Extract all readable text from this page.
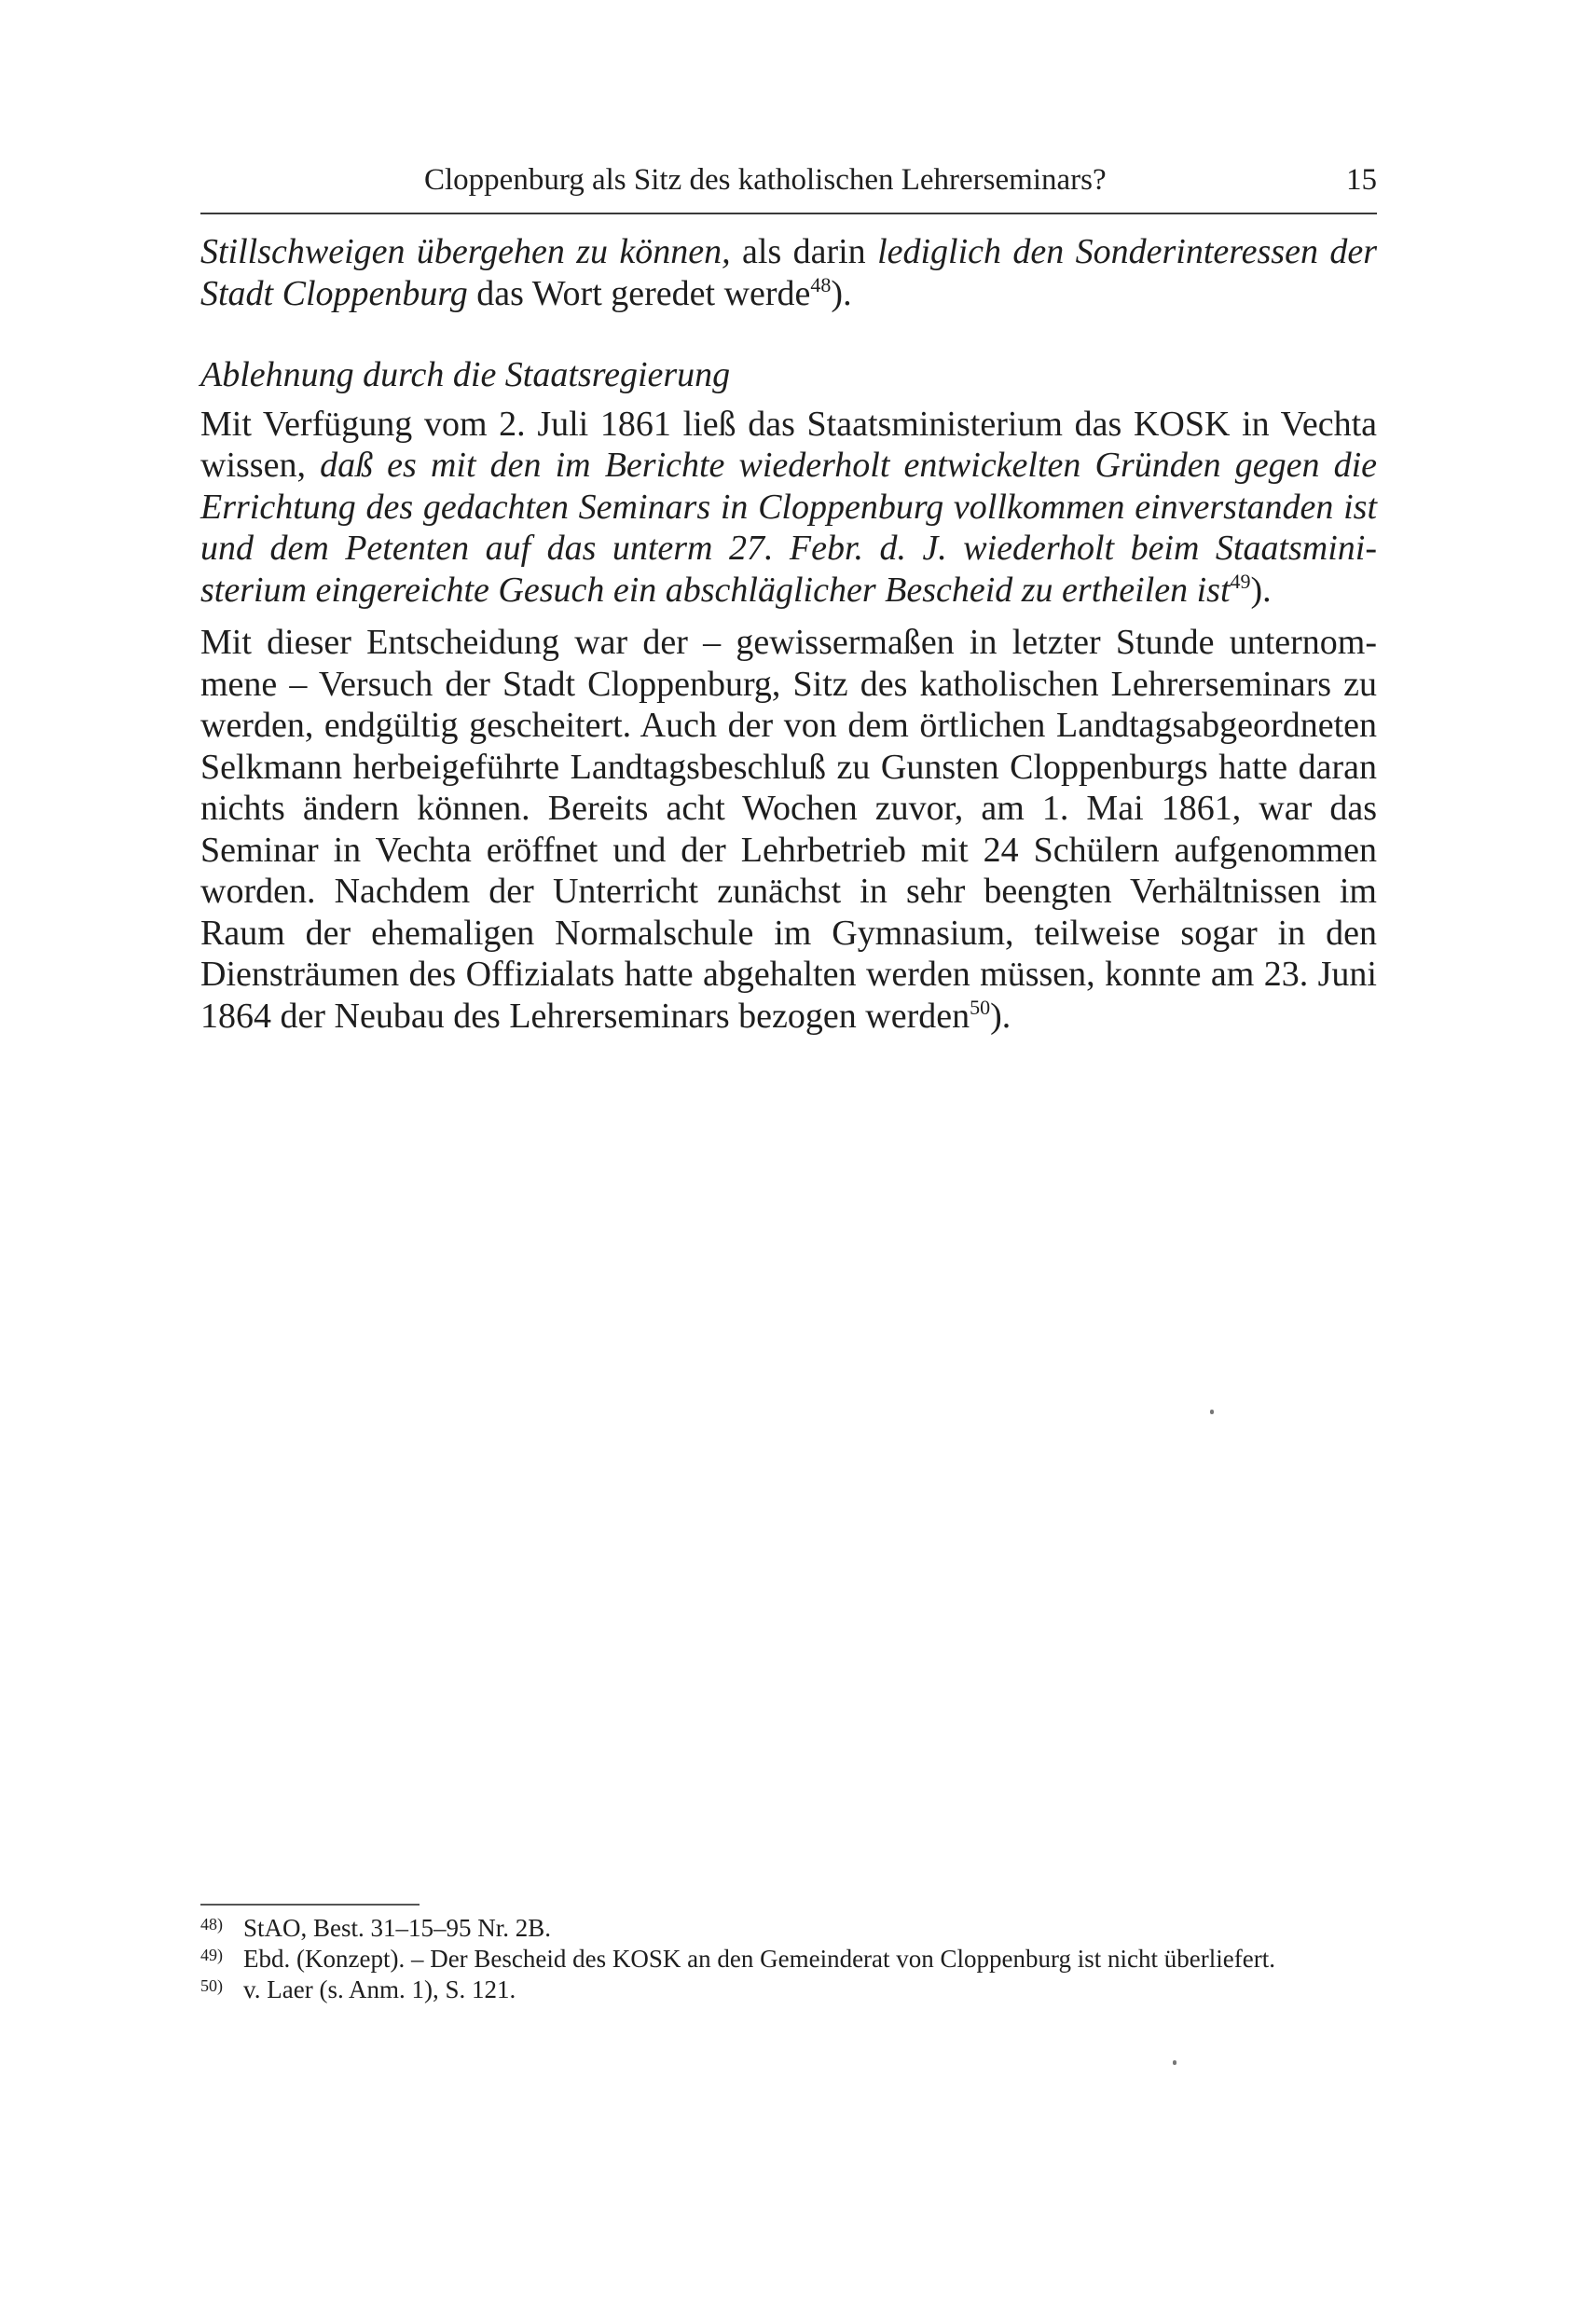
Cloppenburg als Sitz des katholischen Lehrerseminars?	15

Stillschweigen übergehen zu können, als darin lediglich den Sonderinteressen der Stadt Cloppenburg das Wort geredet werde$^{48}$).

Ablehnung durch die Staatsregierung

Mit Verfügung vom 2. Juli 1861 ließ das Staatsministerium das KOSK in Vechta wissen, daß es mit den im Berichte wiederholt entwickelten Gründen gegen die Errichtung des gedachten Seminars in Cloppenburg vollkommen einverstanden ist und dem Petenten auf das unterm 27. Febr. d. J. wiederholt beim Staatsministerium eingereichte Gesuch ein abschläglicher Bescheid zu ertheilen ist$^{49}$).

Mit dieser Entscheidung war der – gewissermaßen in letzter Stunde unternommene – Versuch der Stadt Cloppenburg, Sitz des katholischen Lehrerseminars zu werden, endgültig gescheitert. Auch der von dem örtlichen Landtagsabgeordneten Selkmann herbeigeführte Landtagsbeschluß zu Gunsten Cloppenburgs hatte daran nichts ändern können. Bereits acht Wochen zuvor, am 1. Mai 1861, war das Seminar in Vechta eröffnet und der Lehrbetrieb mit 24 Schülern aufgenommen worden. Nachdem der Unterricht zunächst in sehr beengten Verhältnissen im Raum der ehemaligen Normalschule im Gymnasium, teilweise sogar in den Diensträumen des Offizialats hatte abgehalten werden müssen, konnte am 23. Juni 1864 der Neubau des Lehrerseminars bezogen werden$^{50}$).

48) StAO, Best. 31–15–95 Nr. 2B.
49) Ebd. (Konzept). – Der Bescheid des KOSK an den Gemeinderat von Cloppenburg ist nicht überliefert.
50) v. Laer (s. Anm. 1), S. 121.
